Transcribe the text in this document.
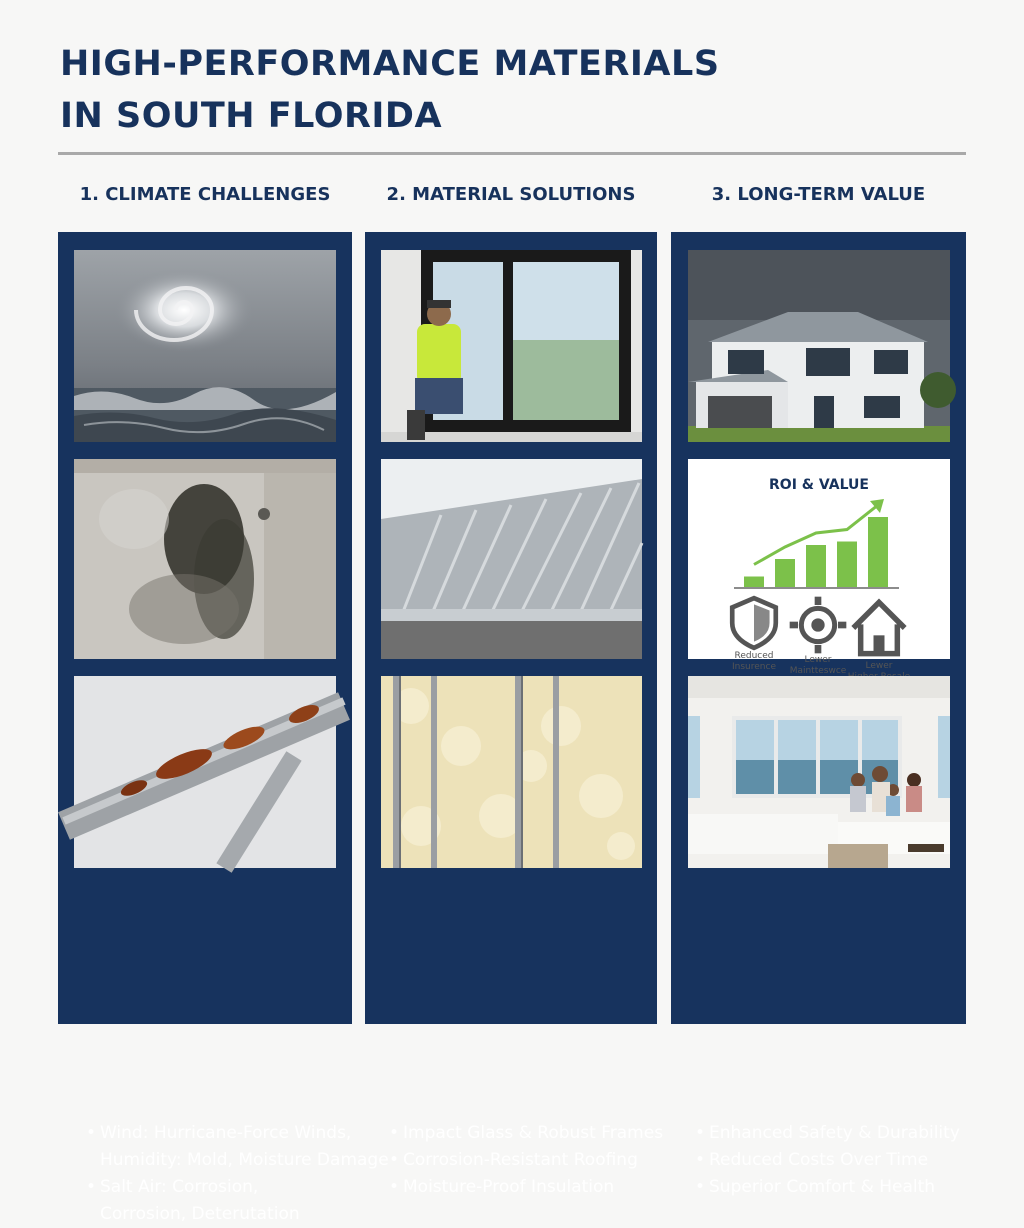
HIGH-PERFORMANCE MATERIALS
IN SOUTH FLORIDA
1. CLIMATE CHALLENGES	2. MATERIAL SOLUTIONS	3. LONG-TERM VALUE
• Wind: Hurricane-Force Winds,
Humidity: Mold, Moisture Damage
• Salt Air: Corrosion,
Corrosion, Deterutation
• Impact Glass & Robust Frames
• Corrosion-Resistant Roofing
• Moisture-Proof Insulation
ROI & VALUE
Reduced
Insurence
Lewer
Maintteswce	Lewer
• Enhanced Safety & Durability
• Reduced Costs Over Time
• Superior Comfort & Health
